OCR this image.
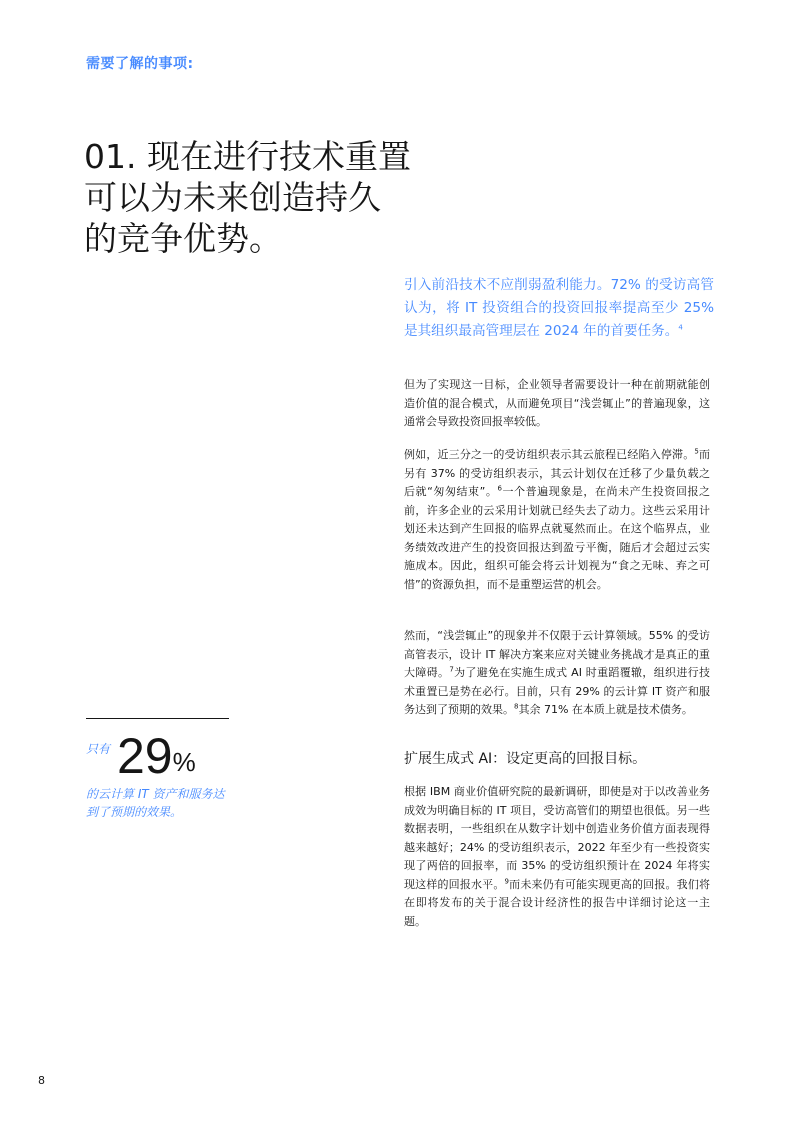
需要了解的事项:
01. 现在进行技术重置
可以为未来创造持久
的竞争优势。
引入前沿技术不应削弱盈利能力。72% 的受访高管认为，将 IT 投资组合的投资回报率提高至少 25% 是其组织最高管理层在 2024 年的首要任务。$^4$
但为了实现这一目标，企业领导者需要设计一种在前期就能创造价值的混合模式，从而避免项目“浅尝辄止”的普遍现象，这通常会导致投资回报率较低。
例如，近三分之一的受访组织表示其云旅程已经陷入停滞。$^5$而另有 37% 的受访组织表示，其云计划仅在迁移了少量负载之后就“匆匆结束”。$^6$一个普遍现象是，在尚未产生投资回报之前，许多企业的云采用计划就已经失去了动力。这些云采用计划还未达到产生回报的临界点就戛然而止。在这个临界点，业务绩效改进产生的投资回报达到盈亏平衡，随后才会超过云实施成本。因此，组织可能会将云计划视为“食之无味、弃之可惜”的资源负担，而不是重塑运营的机会。
然而，“浅尝辄止”的现象并不仅限于云计算领域。55% 的受访高管表示，设计 IT 解决方案来应对关键业务挑战才是真正的重大障碍。$^7$为了避免在实施生成式 AI 时重蹈覆辙，组织进行技术重置已是势在必行。目前，只有 29% 的云计算 IT 资产和服务达到了预期的效果。$^8$其余 71% 在本质上就是技术债务。
扩展生成式 AI：设定更高的回报目标。
根据 IBM 商业价值研究院的最新调研，即使是对于以改善业务成效为明确目标的 IT 项目，受访高管们的期望也很低。另一些数据表明，一些组织在从数字计划中创造业务价值方面表现得越来越好；24% 的受访组织表示，2022 年至少有一些投资实现了两倍的回报率，而 35% 的受访组织预计在 2024 年将实现这样的回报水平。$^9$而未来仍有可能实现更高的回报。我们将在即将发布的关于混合设计经济性的报告中详细讨论这一主题。
只有 29%
的云计算 IT 资产和服务达到了预期的效果。
8
